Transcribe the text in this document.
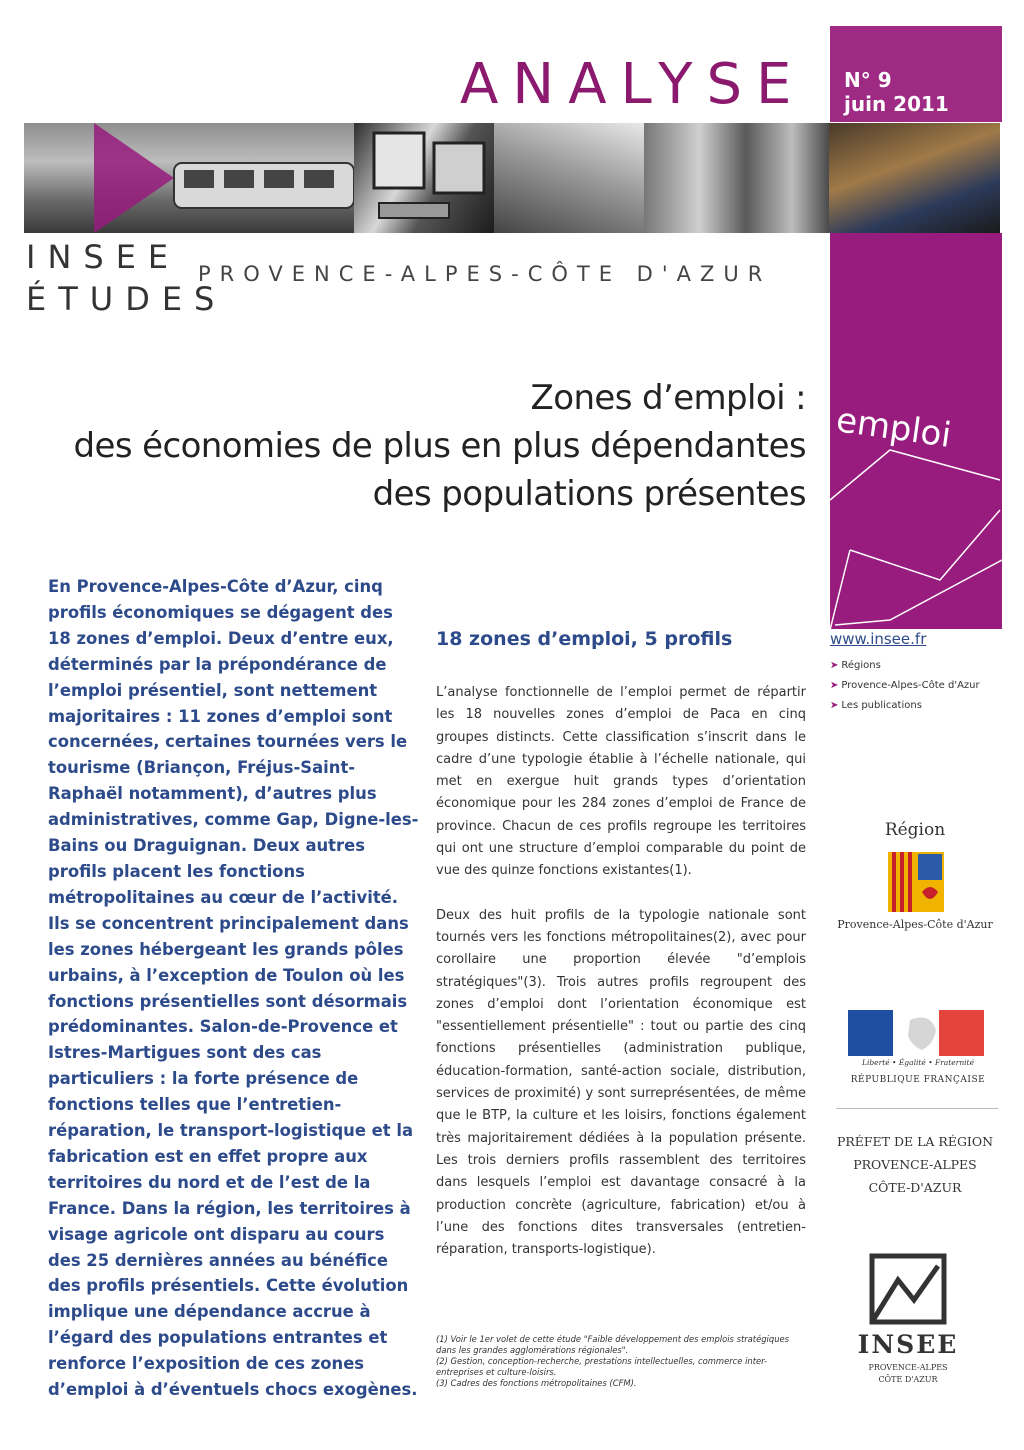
ANALYSE N° 9
juin 2011
INSEE
ÉTUDES
PROVENCE-ALPES-CÔTE D'AZUR
emploi
Zones d’emploi :
des économies de plus en plus dépendantes
des populations présentes
En Provence-Alpes-Côte d’Azur, cinq profils économiques se dégagent des 18 zones d’emploi. Deux d’entre eux, déterminés par la prépondérance de l’emploi présentiel, sont nettement majoritaires : 11 zones d’emploi sont concernées, certaines tournées vers le tourisme (Briançon, Fréjus-Saint-Raphaël notamment), d’autres plus administratives, comme Gap, Digne-les-Bains ou Draguignan. Deux autres profils placent les fonctions métropolitaines au cœur de l’activité. Ils se concentrent principalement dans les zones hébergeant les grands pôles urbains, à l’exception de Toulon où les fonctions présentielles sont désormais prédominantes. Salon-de-Provence et Istres-Martigues sont des cas particuliers : la forte présence de fonctions telles que l’entretien-réparation, le transport-logistique et la fabrication est en effet propre aux territoires du nord et de l’est de la France. Dans la région, les territoires à visage agricole ont disparu au cours des 25 dernières années au bénéfice des profils présentiels. Cette évolution implique une dépendance accrue à l’égard des populations entrantes et renforce l’exposition de ces zones d’emploi à d’éventuels chocs exogènes.
18 zones d’emploi, 5 profils

L’analyse fonctionnelle de l’emploi permet de répartir les 18 nouvelles zones d’emploi de Paca en cinq groupes distincts. Cette classification s’inscrit dans le cadre d’une typologie établie à l’échelle nationale, qui met en exergue huit grands types d’orientation économique pour les 284 zones d’emploi de France de province. Chacun de ces profils regroupe les territoires qui ont une structure d’emploi comparable du point de vue des quinze fonctions existantes(1).

Deux des huit profils de la typologie nationale sont tournés vers les fonctions métropolitaines(2), avec pour corollaire une proportion élevée "d’emplois stratégiques"(3). Trois autres profils regroupent des zones d’emploi dont l’orientation économique est "essentiellement présentielle" : tout ou partie des cinq fonctions présentielles (administration publique, éducation-formation, santé-action sociale, distribution, services de proximité) y sont surreprésentées, de même que le BTP, la culture et les loisirs, fonctions également très majoritairement dédiées à la population présente. Les trois derniers profils rassemblent des territoires dans lesquels l’emploi est davantage consacré à la production concrète (agriculture, fabrication) et/ou à l’une des fonctions dites transversales (entretien-réparation, transports-logistique).

(1) Voir le 1er volet de cette étude "Faible développement des emplois stratégiques dans les grandes agglomérations régionales".
(2) Gestion, conception-recherche, prestations intellectuelles, commerce inter-entreprises et culture-loisirs.
(3) Cadres des fonctions métropolitaines (CFM).
www.insee.fr
➤ Régions
➤ Provence-Alpes-Côte d'Azur
➤ Les publications
Région
Provence-Alpes-Côte d'Azur
Liberté • Égalité • Fraternité
RÉPUBLIQUE FRANÇAISE
PRÉFET DE LA RÉGION
PROVENCE-ALPES
CÔTE-D'AZUR
INSEE
PROVENCE-ALPES
CÔTE D'AZUR
